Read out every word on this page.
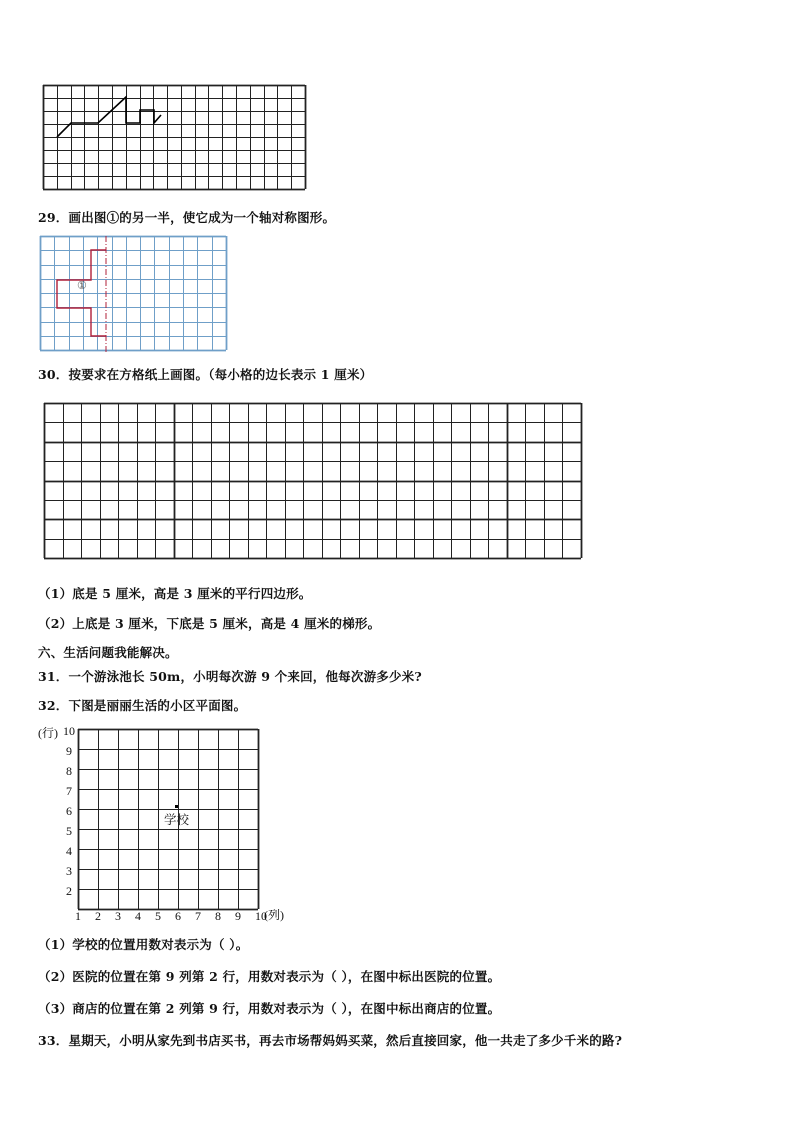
29．画出图①的另一半，使它成为一个轴对称图形。
①
30．按要求在方格纸上画图。（每小格的边长表示 1 厘米）
（1）底是 5 厘米，高是 3 厘米的平行四边形。
（2）上底是 3 厘米，下底是 5 厘米，高是 4 厘米的梯形。
六、生活问题我能解决。
31．一个游泳池长 50m，小明每次游 9 个来回，他每次游多少米?
32．下图是丽丽生活的小区平面图。
(行)
(列)
10
9
8
7
6
5
4
3
2
1 2 3 4 5 6 7 8 9 10
学校
（1）学校的位置用数对表示为（ ）。
（2）医院的位置在第 9 列第 2 行，用数对表示为（ ），在图中标出医院的位置。
（3）商店的位置在第 2 列第 9 行，用数对表示为（ ），在图中标出商店的位置。
33．星期天，小明从家先到书店买书，再去市场帮妈妈买菜，然后直接回家，他一共走了多少千米的路?
